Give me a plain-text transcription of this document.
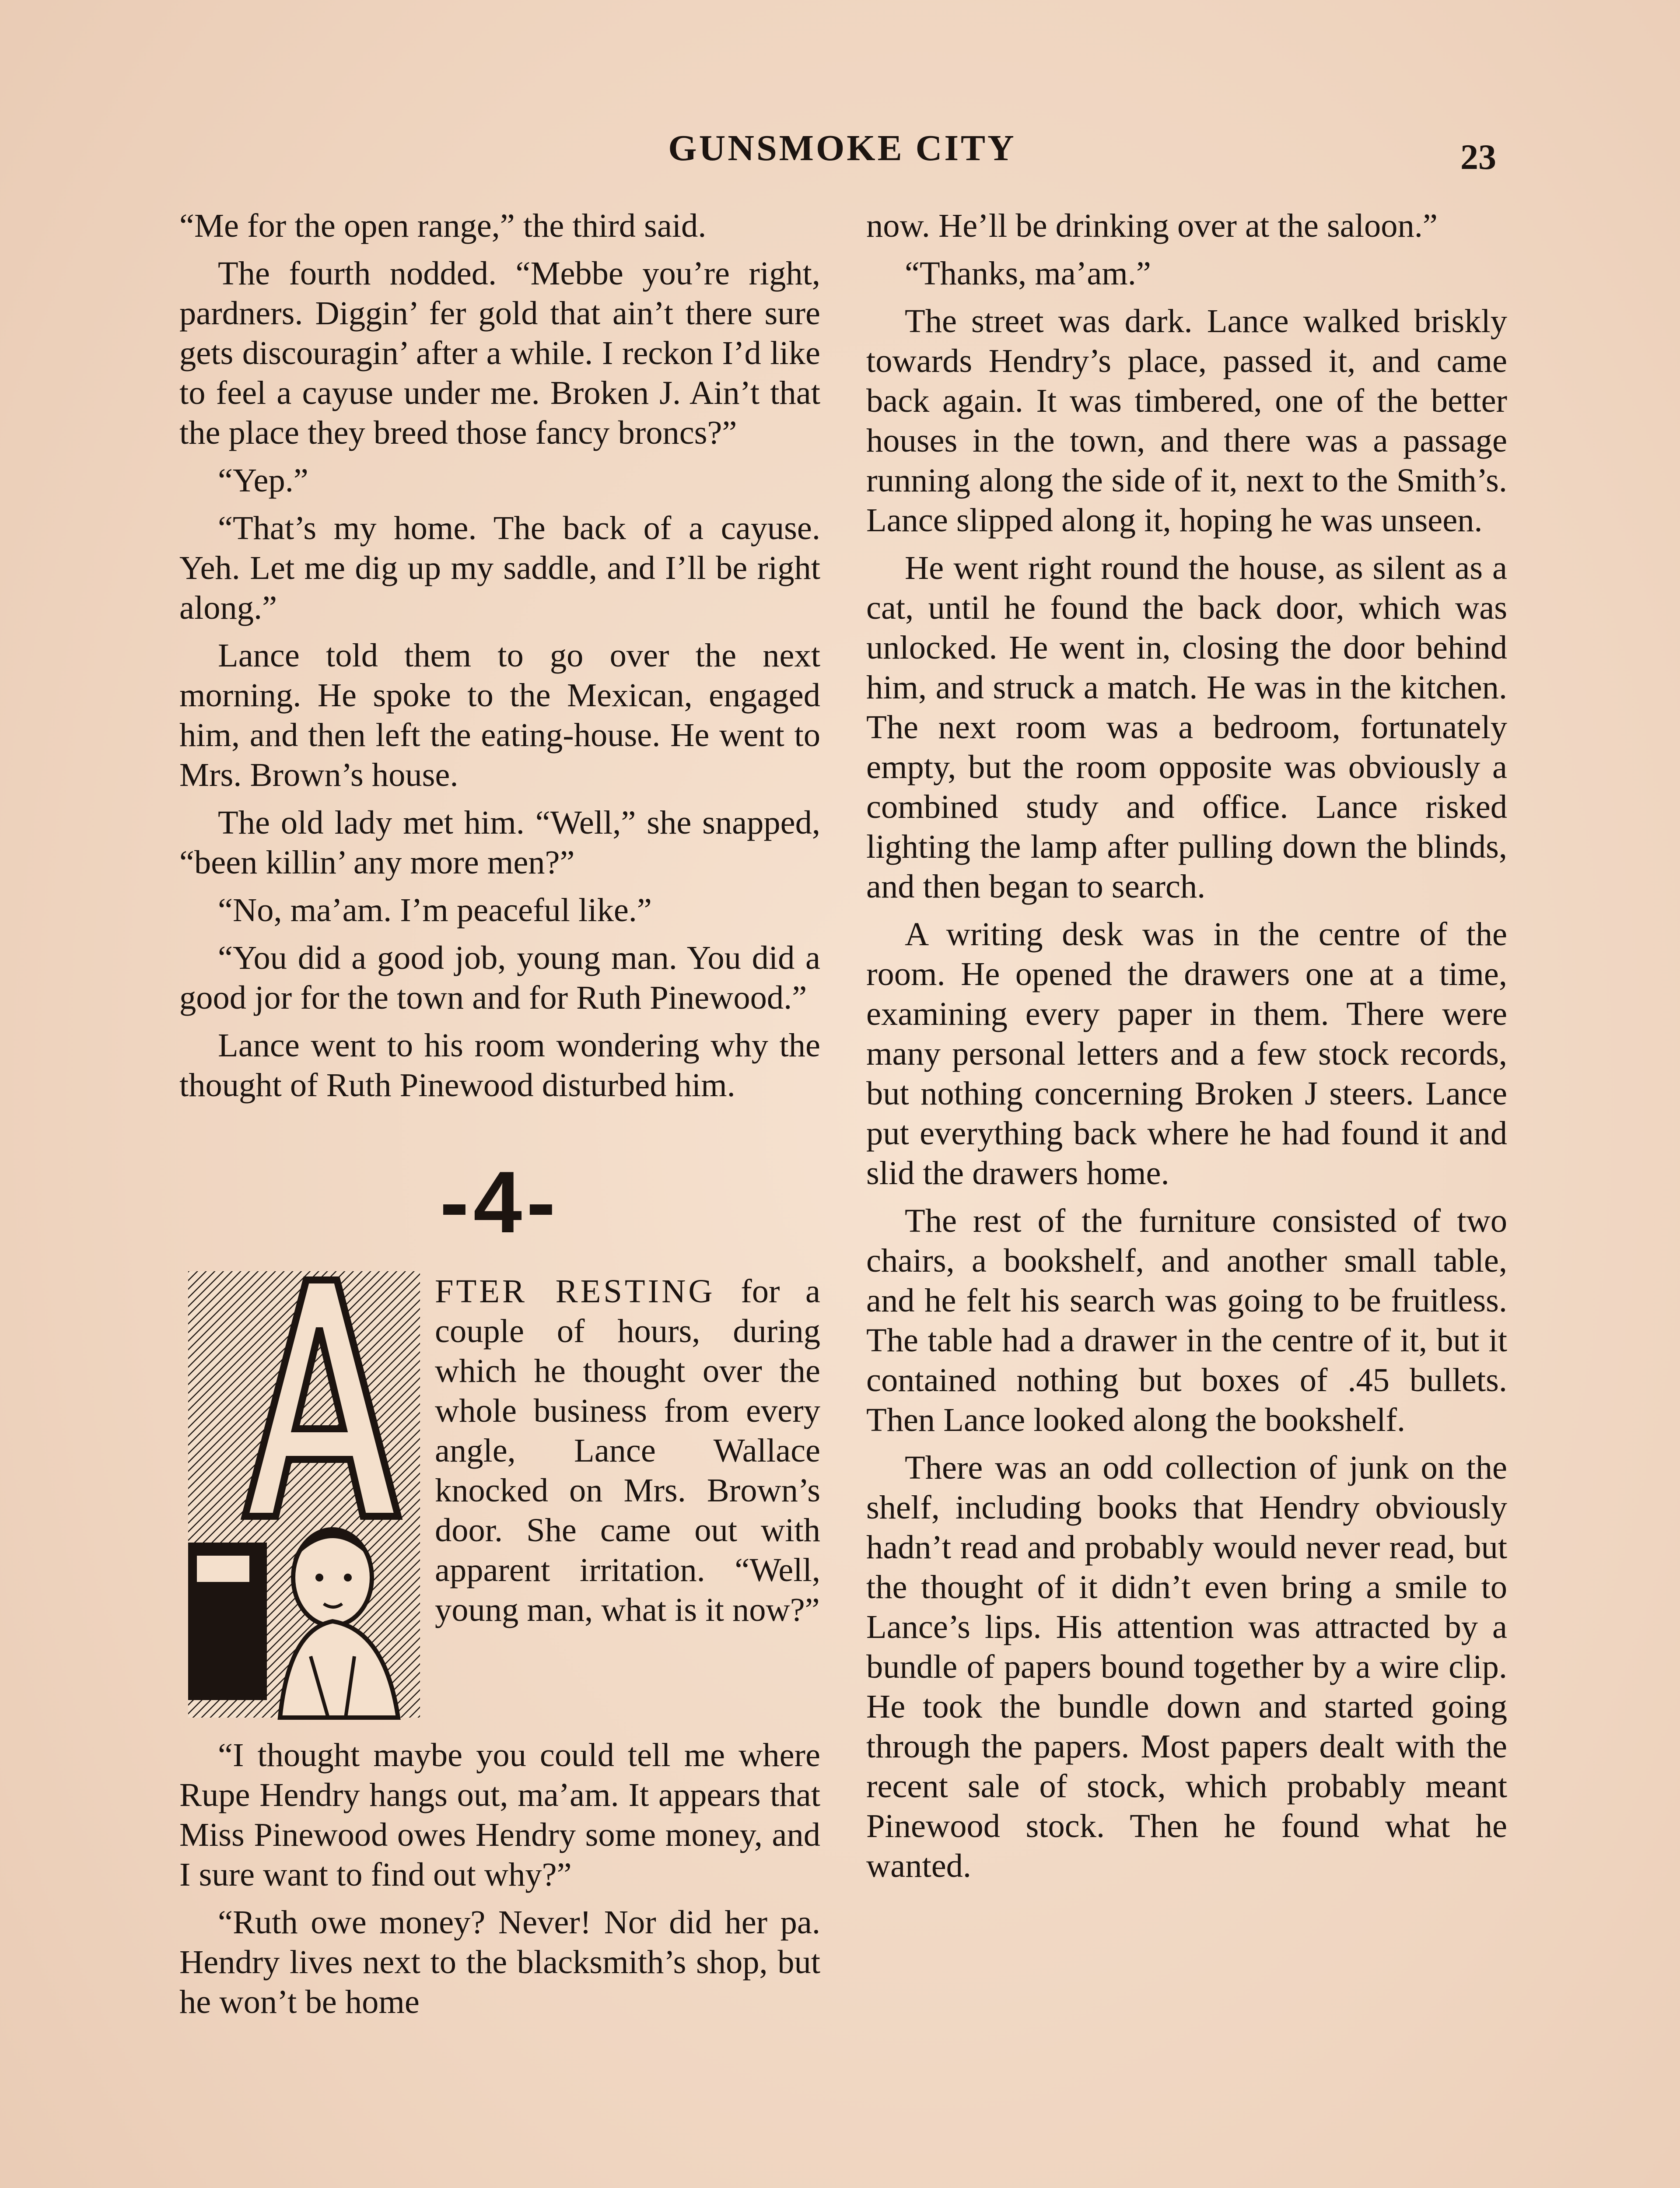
GUNSMOKE CITY	23

“Me for the open range,” the third said.

The fourth nodded. “Mebbe you’re right, pardners. Diggin’ fer gold that ain’t there sure gets discouragin’ after a while. I reckon I’d like to feel a cayuse under me. Broken J. Ain’t that the place they breed those fancy broncs?”

“Yep.”

“That’s my home. The back of a cayuse. Yeh. Let me dig up my saddle, and I’ll be right along.”

Lance told them to go over the next morning. He spoke to the Mexican, engaged him, and then left the eating-house. He went to Mrs. Brown’s house.

The old lady met him. “Well,” she snapped, “been killin’ any more men?”

“No, ma’am. I’m peaceful like.”

“You did a good job, young man. You did a good jor for the town and for Ruth Pinewood.”

Lance went to his room wondering why the thought of Ruth Pinewood disturbed him.

-4-

FTER RESTING for a couple of hours, during which he thought over the whole business from every angle, Lance Wallace knocked on Mrs. Brown’s door. She came out with apparent irritation. “Well, young man, what is it now?”

“I thought maybe you could tell me where Rupe Hendry hangs out, ma’am. It appears that Miss Pinewood owes Hendry some money, and I sure want to find out why?”

“Ruth owe money? Never! Nor did her pa. Hendry lives next to the blacksmith’s shop, but he won’t be home

now. He’ll be drinking over at the saloon.”

“Thanks, ma’am.”

The street was dark. Lance walked briskly towards Hendry’s place, passed it, and came back again. It was timbered, one of the better houses in the town, and there was a passage running along the side of it, next to the Smith’s. Lance slipped along it, hoping he was unseen.

He went right round the house, as silent as a cat, until he found the back door, which was unlocked. He went in, closing the door behind him, and struck a match. He was in the kitchen. The next room was a bedroom, fortunately empty, but the room opposite was obviously a combined study and office. Lance risked lighting the lamp after pulling down the blinds, and then began to search.

A writing desk was in the centre of the room. He opened the drawers one at a time, examining every paper in them. There were many personal letters and a few stock records, but nothing concerning Broken J steers. Lance put everything back where he had found it and slid the drawers home.

The rest of the furniture consisted of two chairs, a bookshelf, and another small table, and he felt his search was going to be fruitless. The table had a drawer in the centre of it, but it contained nothing but boxes of .45 bullets. Then Lance looked along the bookshelf.

There was an odd collection of junk on the shelf, including books that Hendry obviously hadn’t read and probably would never read, but the thought of it didn’t even bring a smile to Lance’s lips. His attention was attracted by a bundle of papers bound together by a wire clip. He took the bundle down and started going through the papers. Most papers dealt with the recent sale of stock, which probably meant Pinewood stock. Then he found what he wanted.
